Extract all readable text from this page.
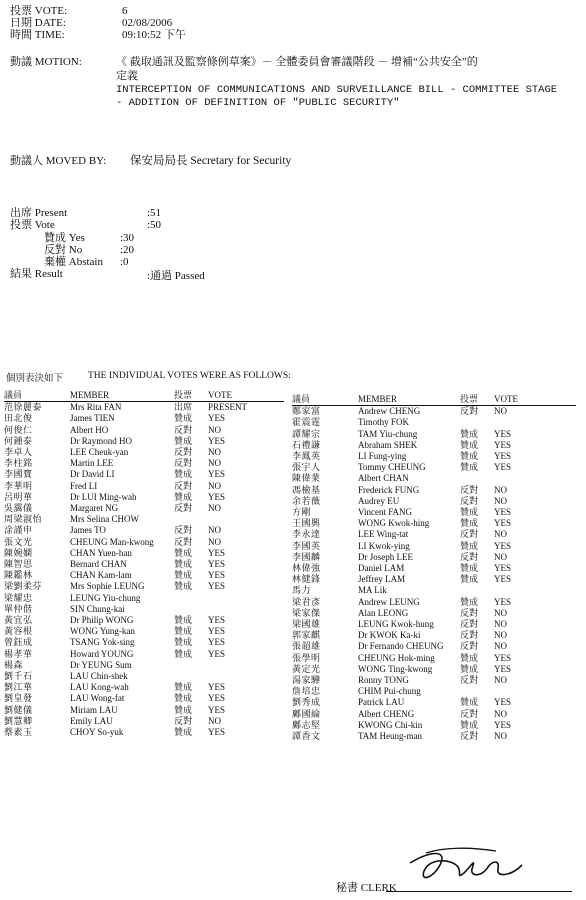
投票 VOTE:	6
日期 DATE:	02/08/2006
時間 TIME:	09:10:52 下午
動議 MOTION:	《 截取通訊及監察條例草案》－ 全體委員會審議階段 － 增補“公共安全”的
定義
INTERCEPTION OF COMMUNICATIONS AND SURVEILLANCE BILL - COMMITTEE STAGE
- ADDITION OF DEFINITION OF "PUBLIC SECURITY"
動議人 MOVED BY: 保安局局長 Secretary for Security
出席 Present	:51
投票 Vote	:50
贊成 Yes	:30
反對 No	:20
棄權 Abstain :0
結果 Result	:通過 Passed
個別表決如下	THE INDIVIDUAL VOTES WERE AS FOLLOWS:
議員	MEMBER	投票	VOTE
范徐麗泰	Mrs Rita FAN	出席	PRESENT
田北俊	James TIEN	贊成	YES
何俊仁	Albert HO	反對	NO
何鍾泰	Dr Raymond HO	贊成	YES
李卓人	LEE Cheuk-yan	反對	NO
李柱銘	Martin LEE	反對	NO
李國寶	Dr David LI	贊成	YES
李華明	Fred LI	反對	NO
呂明華	Dr LUI Ming-wah	贊成	YES
吳靄儀	Margaret NG	反對	NO
周梁淑怡	Mrs Selina CHOW		
涂謹申	James TO	反對	NO
張文光	CHEUNG Man-kwong	反對	NO
陳婉嫻	CHAN Yuen-han	贊成	YES
陳智思	Bernard CHAN	贊成	YES
陳鑑林	CHAN Kam-lam	贊成	YES
梁劉柔芬	Mrs Sophie LEUNG	贊成	YES
梁耀忠	LEUNG Yiu-chung		
單仲偕	SIN Chung-kai		
黃宜弘	Dr Philip WONG	贊成	YES
黃容根	WONG Yung-kan	贊成	YES
曾鈺成	TSANG Yok-sing	贊成	YES
楊孝華	Howard YOUNG	贊成	YES
楊森	Dr YEUNG Sum		
劉千石	LAU Chin-shek		
劉江華	LAU Kong-wah	贊成	YES
劉皇發	LAU Wong-fat	贊成	YES
劉健儀	Miriam LAU	贊成	YES
劉慧卿	Emily LAU	反對	NO
蔡素玉	CHOY So-yuk	贊成	YES
議員	MEMBER	投票	VOTE
鄭家富	Andrew CHENG	反對	NO
霍震霆	Timothy FOK		
譚耀宗	TAM Yiu-chung	贊成	YES
石禮謙	Abraham SHEK	贊成	YES
李鳳英	LI Fung-ying	贊成	YES
張宇人	Tommy CHEUNG	贊成	YES
陳偉業	Albert CHAN		
馮檢基	Frederick FUNG	反對	NO
余若薇	Audrey EU	反對	NO
方剛	Vincent FANG	贊成	YES
王國興	WONG Kwok-hing	贊成	YES
李永達	LEE Wing-tat	反對	NO
李國英	LI Kwok-ying	贊成	YES
李國麟	Dr Joseph LEE	反對	NO
林偉強	Daniel LAM	贊成	YES
林健鋒	Jeffrey LAM	贊成	YES
馬力	MA Lik		
梁君彥	Andrew LEUNG	贊成	YES
梁家傑	Alan LEONG	反對	NO
梁國雄	LEUNG Kwok-hung	反對	NO
郭家麒	Dr KWOK Ka-ki	反對	NO
張超雄	Dr Fernando CHEUNG	反對	NO
張學明	CHEUNG Hok-ming	贊成	YES
黃定光	WONG Ting-kwong	贊成	YES
湯家驊	Ronny TONG	反對	NO
詹培忠	CHIM Pui-chung		
劉秀成	Patrick LAU	贊成	YES
鄺國綸	Albert CHENG	反對	NO
鄺志堅	KWONG Chi-kin	贊成	YES
譚香文	TAM Heung-man	反對	NO
秘書 CLERK
